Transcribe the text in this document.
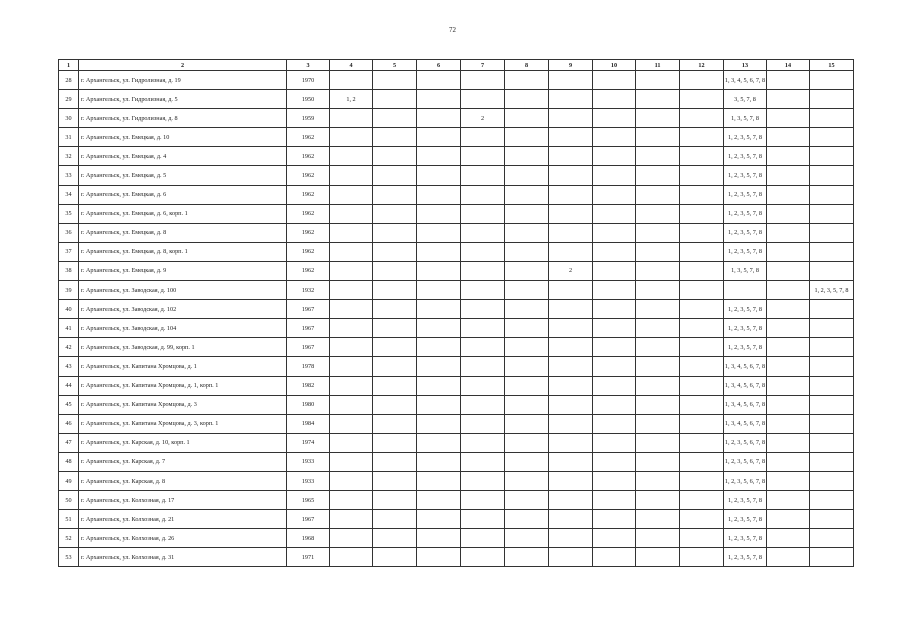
72
1	2	3	4	5	6	7	8	9	10	11	12	13	14	15
28	г. Архангельск, ул. Гидролизная, д. 19	1970										1, 3, 4, 5, 6, 7, 8		
29	г. Архангельск, ул. Гидролизная, д. 5	1950	1, 2									3, 5, 7, 8		
30	г. Архангельск, ул. Гидролизная, д. 8	1959				2						1, 3, 5, 7, 8		
31	г. Архангельск, ул. Емецкая, д. 10	1962										1, 2, 3, 5, 7, 8		
32	г. Архангельск, ул. Емецкая, д. 4	1962										1, 2, 3, 5, 7, 8		
33	г. Архангельск, ул. Емецкая, д. 5	1962										1, 2, 3, 5, 7, 8		
34	г. Архангельск, ул. Емецкая, д. 6	1962										1, 2, 3, 5, 7, 8		
35	г. Архангельск, ул. Емецкая, д. 6, корп. 1	1962										1, 2, 3, 5, 7, 8		
36	г. Архангельск, ул. Емецкая, д. 8	1962										1, 2, 3, 5, 7, 8		
37	г. Архангельск, ул. Емецкая, д. 8, корп. 1	1962										1, 2, 3, 5, 7, 8		
38	г. Архангельск, ул. Емецкая, д. 9	1962						2				1, 3, 5, 7, 8		
39	г. Архангельск, ул. Заводская, д. 100	1932												1, 2, 3, 5, 7, 8
40	г. Архангельск, ул. Заводская, д. 102	1967										1, 2, 3, 5, 7, 8		
41	г. Архангельск, ул. Заводская, д. 104	1967										1, 2, 3, 5, 7, 8		
42	г. Архангельск, ул. Заводская, д. 99, корп. 1	1967										1, 2, 3, 5, 7, 8		
43	г. Архангельск, ул. Капитана Хромцова, д. 1	1978										1, 3, 4, 5, 6, 7, 8		
44	г. Архангельск, ул. Капитана Хромцова, д. 1, корп. 1	1982										1, 3, 4, 5, 6, 7, 8		
45	г. Архангельск, ул. Капитана Хромцова, д. 3	1980										1, 3, 4, 5, 6, 7, 8		
46	г. Архангельск, ул. Капитана Хромцова, д. 3, корп. 1	1984										1, 3, 4, 5, 6, 7, 8		
47	г. Архангельск, ул. Карская, д. 10, корп. 1	1974										1, 2, 3, 5, 6, 7, 8		
48	г. Архангельск, ул. Карская, д. 7	1933										1, 2, 3, 5, 6, 7, 8		
49	г. Архангельск, ул. Карская, д. 8	1933										1, 2, 3, 5, 6, 7, 8		
50	г. Архангельск, ул. Колхозная, д. 17	1965										1, 2, 3, 5, 7, 8		
51	г. Архангельск, ул. Колхозная, д. 21	1967										1, 2, 3, 5, 7, 8		
52	г. Архангельск, ул. Колхозная, д. 26	1968										1, 2, 3, 5, 7, 8		
53	г. Архангельск, ул. Колхозная, д. 31	1971										1, 2, 3, 5, 7, 8		
